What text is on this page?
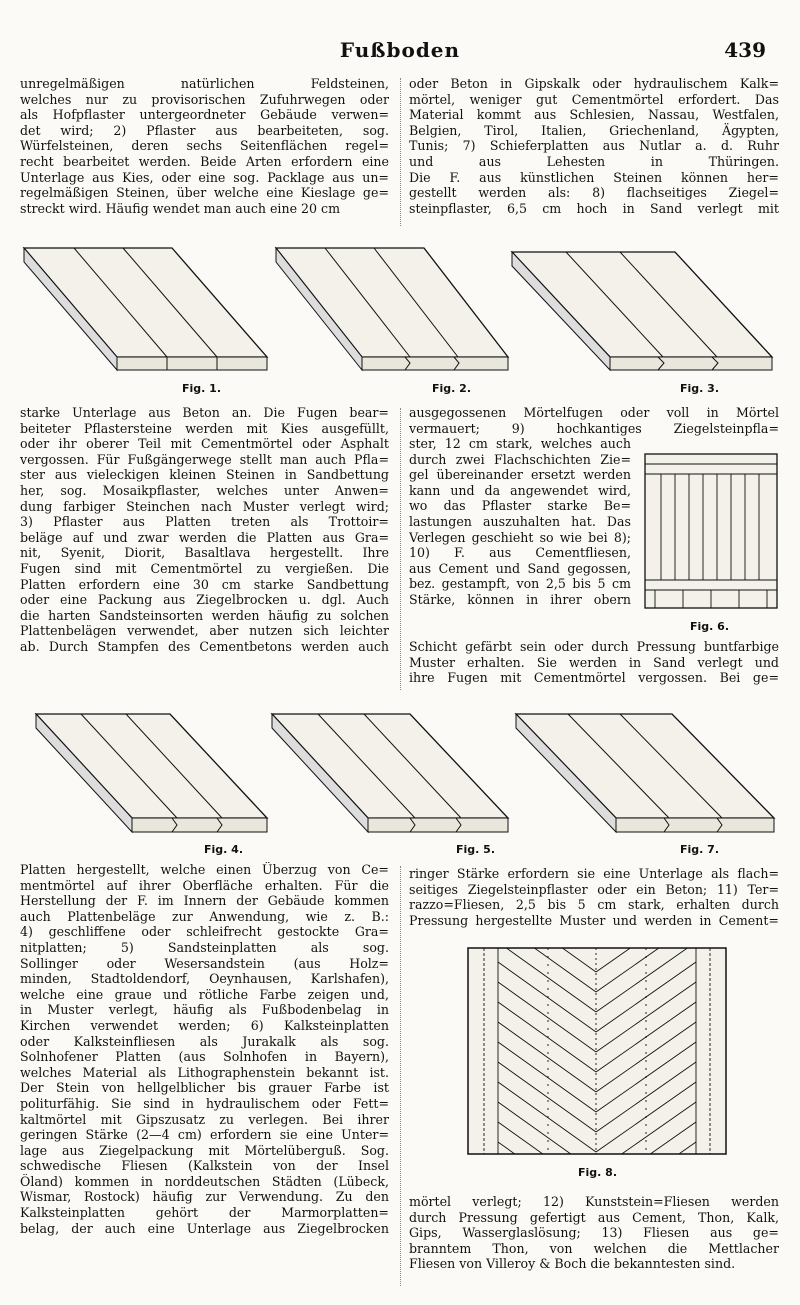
Fußboden	439
unregelmäßigen natürlichen Feldsteinen,
welches nur zu provisorischen Zufuhrwegen oder
als Hofpflaster untergeordneter Gebäude verwen=
det wird; 2) Pflaster aus bearbeiteten, sog.
Würfelsteinen, deren sechs Seitenflächen regel=
recht bearbeitet werden. Beide Arten erfordern eine
Unterlage aus Kies, oder eine sog. Packlage aus un=
regelmäßigen Steinen, über welche eine Kieslage ge=
streckt wird. Häufig wendet man auch eine 20 cm
oder Beton in Gipskalk oder hydraulischem Kalk=
mörtel, weniger gut Cementmörtel erfordert. Das
Material kommt aus Schlesien, Nassau, Westfalen,
Belgien, Tirol, Italien, Griechenland, Ägypten,
Tunis; 7) Schieferplatten aus Nutlar a. d. Ruhr
und aus Lehesten in Thüringen.
Die F. aus künstlichen Steinen können her=
gestellt werden als: 8) flachseitiges Ziegel=
steinpflaster, 6,5 cm hoch in Sand verlegt mit
Fig. 1.	Fig. 2.	Fig. 3.
starke Unterlage aus Beton an. Die Fugen bear=
beiteter Pflastersteine werden mit Kies ausgefüllt,
oder ihr oberer Teil mit Cementmörtel oder Asphalt
vergossen. Für Fußgängerwege stellt man auch Pfla=
ster aus vieleckigen kleinen Steinen in Sandbettung
her, sog. Mosaikpflaster, welches unter Anwen=
dung farbiger Steinchen nach Muster verlegt wird;
3) Pflaster aus Platten treten als Trottoir=
beläge auf und zwar werden die Platten aus Gra=
nit, Syenit, Diorit, Basaltlava hergestellt. Ihre
Fugen sind mit Cementmörtel zu vergießen. Die
Platten erfordern eine 30 cm starke Sandbettung
oder eine Packung aus Ziegelbrocken u. dgl. Auch
die harten Sandsteinsorten werden häufig zu solchen
Plattenbelägen verwendet, aber nutzen sich leichter
ab. Durch Stampfen des Cementbetons werden auch
ausgegossenen Mörtelfugen oder voll in Mörtel
vermauert; 9) hochkantiges Ziegelsteinpfla=
ster, 12 cm stark, welches auch
durch zwei Flachschichten Zie=
gel übereinander ersetzt werden
kann und da angewendet wird,
wo das Pflaster starke Be=
lastungen auszuhalten hat. Das
Verlegen geschieht so wie bei 8);
10) F. aus Cementfliesen,
aus Cement und Sand gegossen,
bez. gestampft, von 2,5 bis 5 cm
Stärke, können in ihrer obern
Fig. 6.
Schicht gefärbt sein oder durch Pressung buntfarbige
Muster erhalten. Sie werden in Sand verlegt und
ihre Fugen mit Cementmörtel vergossen. Bei ge=
Fig. 4.	Fig. 5.	Fig. 7.
Platten hergestellt, welche einen Überzug von Ce=
mentmörtel auf ihrer Oberfläche erhalten. Für die
Herstellung der F. im Innern der Gebäude kommen
auch Plattenbeläge zur Anwendung, wie z. B.:
4) geschliffene oder schleifrecht gestockte Gra=
nitplatten; 5) Sandsteinplatten als sog.
Sollinger oder Wesersandstein (aus Holz=
minden, Stadtoldendorf, Oeynhausen, Karlshafen),
welche eine graue und rötliche Farbe zeigen und,
in Muster verlegt, häufig als Fußbodenbelag in
Kirchen verwendet werden; 6) Kalksteinplatten
oder Kalksteinfliesen als Jurakalk als sog.
Solnhofener Platten (aus Solnhofen in Bayern),
welches Material als Lithographenstein bekannt ist.
Der Stein von hellgelblicher bis grauer Farbe ist
politurfähig. Sie sind in hydraulischem oder Fett=
kaltmörtel mit Gipszusatz zu verlegen. Bei ihrer
geringen Stärke (2—4 cm) erfordern sie eine Unter=
lage aus Ziegelpackung mit Mörtelüberguß. Sog.
schwedische Fliesen (Kalkstein von der Insel
Öland) kommen in norddeutschen Städten (Lübeck,
Wismar, Rostock) häufig zur Verwendung. Zu den
Kalksteinplatten gehört der Marmorplatten=
belag, der auch eine Unterlage aus Ziegelbrocken
ringer Stärke erfordern sie eine Unterlage als flach=
seitiges Ziegelsteinpflaster oder ein Beton; 11) Ter=
razzo=Fliesen, 2,5 bis 5 cm stark, erhalten durch
Pressung hergestellte Muster und werden in Cement=
Fig. 8.
mörtel verlegt; 12) Kunststein=Fliesen werden
durch Pressung gefertigt aus Cement, Thon, Kalk,
Gips, Wasserglaslösung; 13) Fliesen aus ge=
branntem Thon, von welchen die Mettlacher
Fliesen von Villeroy & Boch die bekanntesten sind.
